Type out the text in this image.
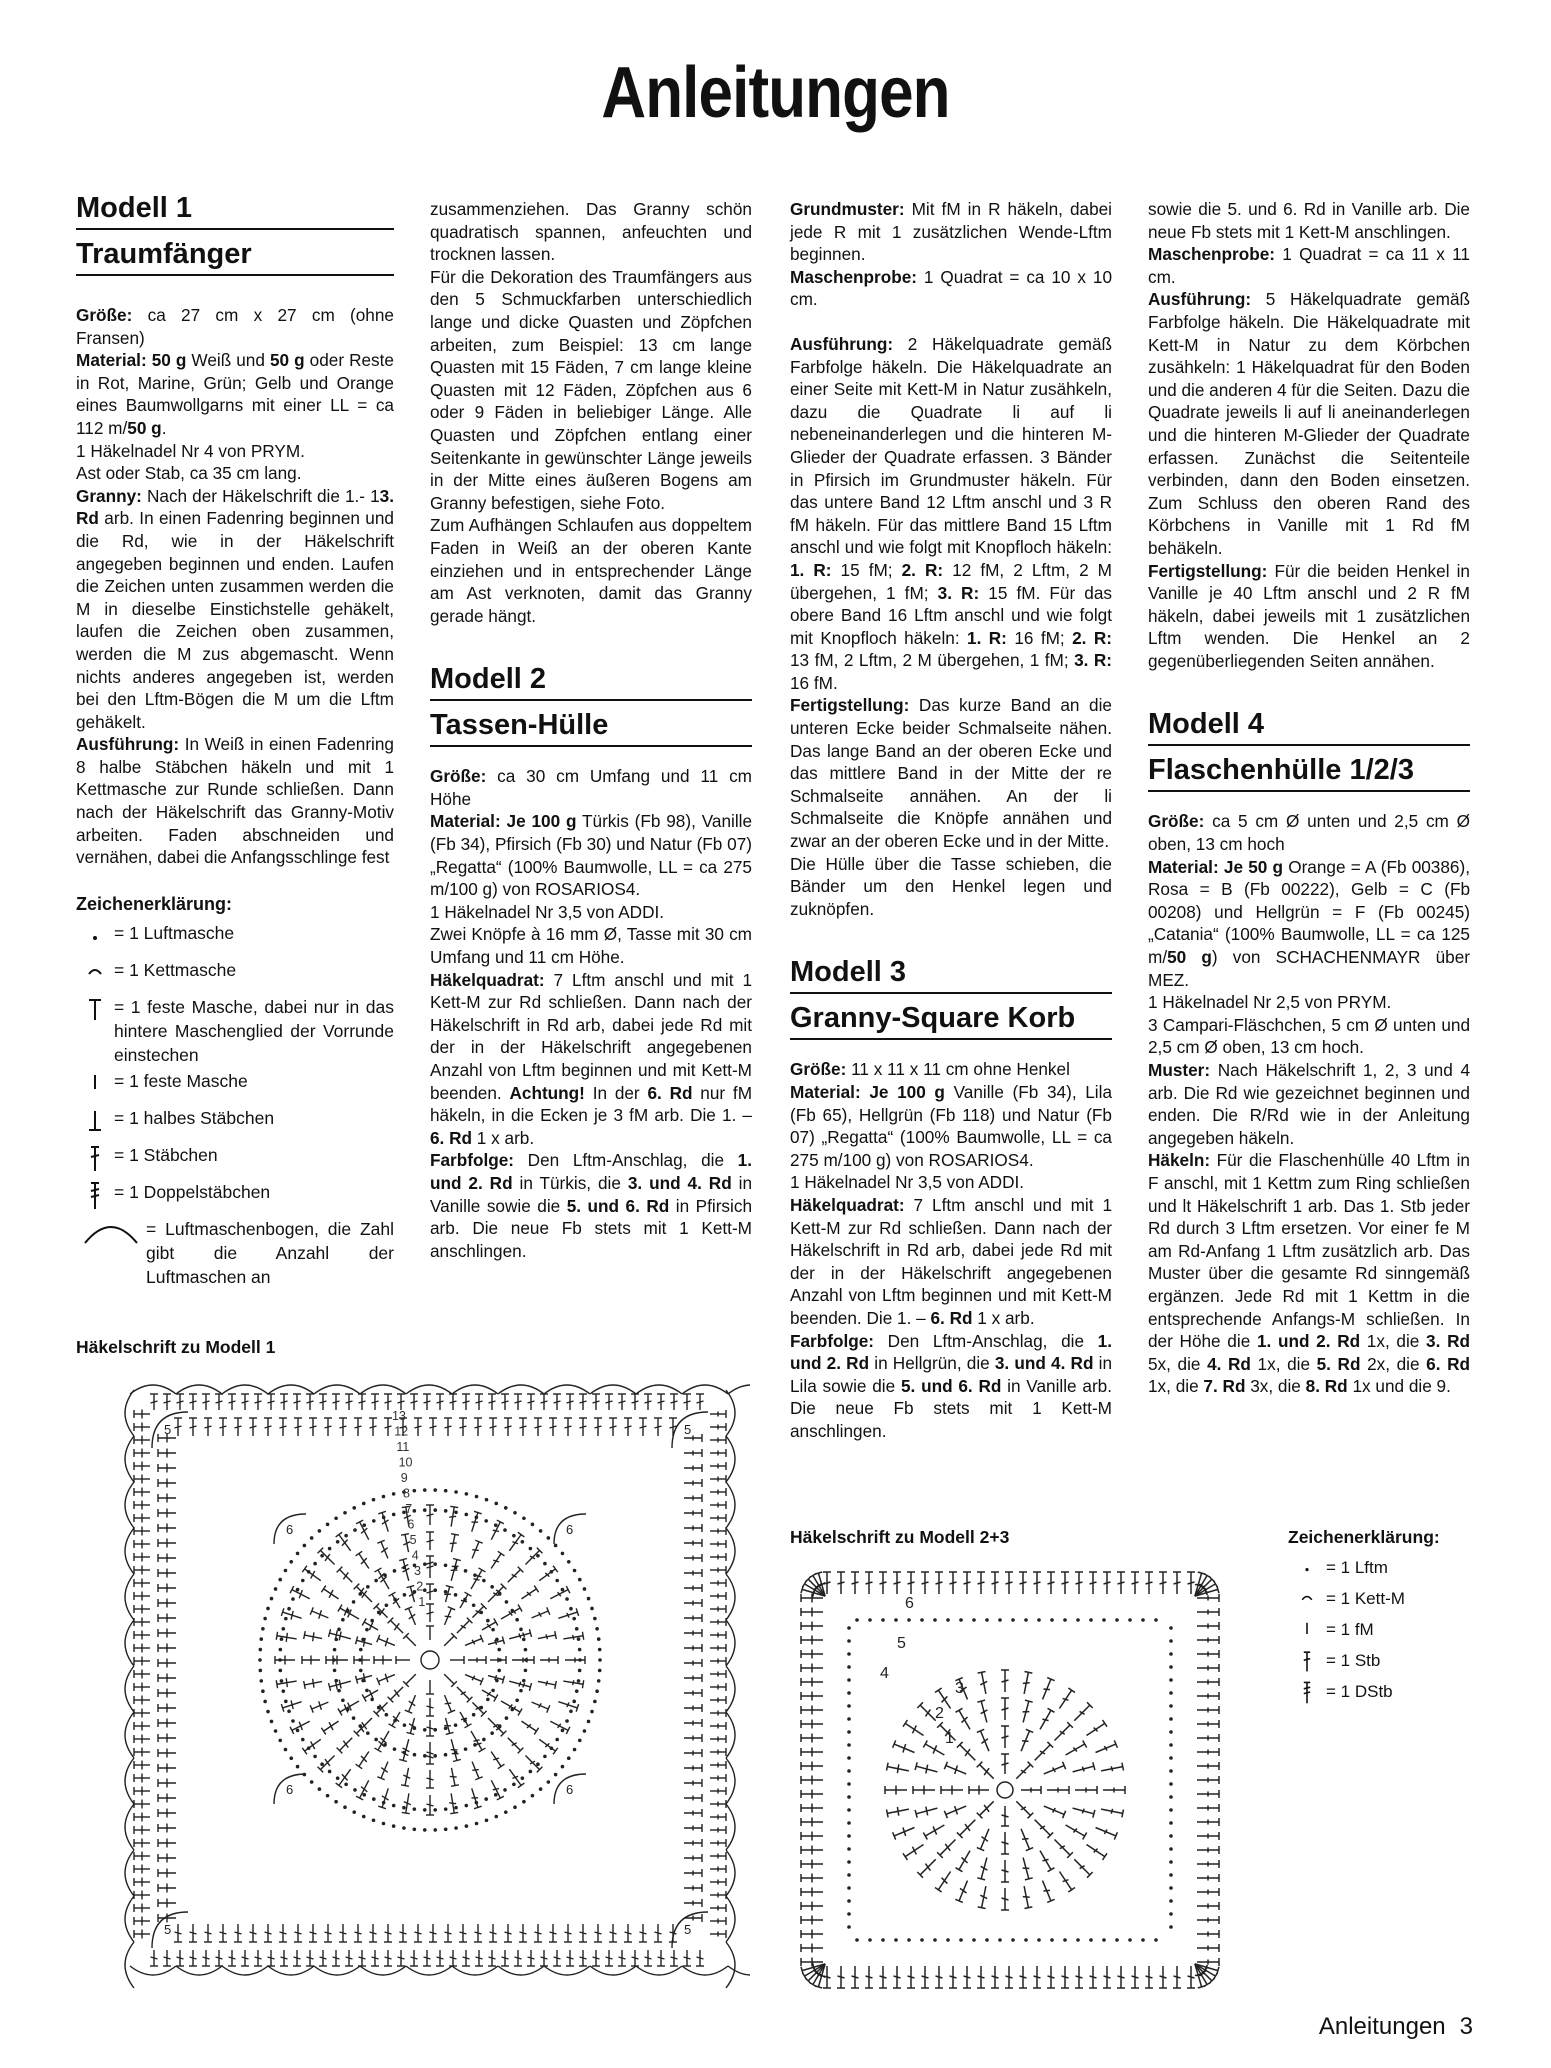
Anleitungen
Modell 1
Traumfänger

Größe: ca 27 cm x 27 cm (ohne Fransen)

Material: 50 g Weiß und 50 g oder Reste in Rot, Marine, Grün; Gelb und Orange eines Baumwollgarns mit einer LL = ca 112 m/50 g.

1 Häkelnadel Nr 4 von PRYM.

Ast oder Stab, ca 35 cm lang.

Granny: Nach der Häkelschrift die 1.- 13. Rd arb. In einen Fadenring beginnen und die Rd, wie in der Häkelschrift angegeben beginnen und enden. Laufen die Zeichen unten zusammen werden die M in dieselbe Einstichstelle gehäkelt, laufen die Zeichen oben zusammen, werden die M zus abgemascht. Wenn nichts anderes angegeben ist, werden bei den Lftm-Bögen die M um die Lftm gehäkelt.

Ausführung: In Weiß in einen Fadenring 8 halbe Stäbchen häkeln und mit 1 Kettmasche zur Runde schließen. Dann nach der Häkelschrift das Granny-Motiv arbeiten. Faden abschneiden und vernähen, dabei die Anfangsschlinge fest

Zeichenerklärung:
= 1 Luftmasche
= 1 Kettmasche
= 1 feste Masche, dabei nur in das hintere Maschenglied der Vorrunde einstechen
= 1 feste Masche
= 1 halbes Stäbchen
= 1 Stäbchen
= 1 Doppelstäbchen
= Luftmaschenbogen, die Zahl gibt die Anzahl der Luftmaschen an
Häkelschrift zu Modell 1

zusammenziehen. Das Granny schön quadratisch spannen, anfeuchten und trocknen lassen.

Für die Dekoration des Traumfängers aus den 5 Schmuckfarben unterschiedlich lange und dicke Quasten und Zöpfchen arbeiten, zum Beispiel: 13 cm lange Quasten mit 15 Fäden, 7 cm lange kleine Quasten mit 12 Fäden, Zöpfchen aus 6 oder 9 Fäden in beliebiger Länge. Alle Quasten und Zöpfchen entlang einer Seitenkante in gewünschter Länge jeweils in der Mitte eines äußeren Bogens am Granny befestigen, siehe Foto.

Zum Aufhängen Schlaufen aus doppeltem Faden in Weiß an der oberen Kante einziehen und in entsprechender Länge am Ast verknoten, damit das Granny gerade hängt.

Modell 2
Tassen-Hülle

Größe: ca 30 cm Umfang und 11 cm Höhe

Material: Je 100 g Türkis (Fb 98), Vanille (Fb 34), Pfirsich (Fb 30) und Natur (Fb 07) „Regatta“ (100% Baumwolle, LL = ca 275 m/100 g) von ROSARIOS4.

1 Häkelnadel Nr 3,5 von ADDI.

Zwei Knöpfe à 16 mm Ø, Tasse mit 30 cm Umfang und 11 cm Höhe.

Häkelquadrat: 7 Lftm anschl und mit 1 Kett-M zur Rd schließen. Dann nach der Häkelschrift in Rd arb, dabei jede Rd mit der in der Häkelschrift angegebenen Anzahl von Lftm beginnen und mit Kett-M beenden. Achtung! In der 6. Rd nur fM häkeln, in die Ecken je 3 fM arb. Die 1. – 6. Rd 1 x arb.

Farbfolge: Den Lftm-Anschlag, die 1. und 2. Rd in Türkis, die 3. und 4. Rd in Vanille sowie die 5. und 6. Rd in Pfirsich arb. Die neue Fb stets mit 1 Kett-M anschlingen.

Grundmuster: Mit fM in R häkeln, dabei jede R mit 1 zusätzlichen Wende-Lftm beginnen.

Maschenprobe: 1 Quadrat = ca 10 x 10 cm.

Ausführung: 2 Häkelquadrate gemäß Farbfolge häkeln. Die Häkelquadrate an einer Seite mit Kett-M in Natur zusähkeln, dazu die Quadrate li auf li nebeneinanderlegen und die hinteren M-Glieder der Quadrate erfassen. 3 Bänder in Pfirsich im Grundmuster häkeln. Für das untere Band 12 Lftm anschl und 3 R fM häkeln. Für das mittlere Band 15 Lftm anschl und wie folgt mit Knopfloch häkeln: 1. R: 15 fM; 2. R: 12 fM, 2 Lftm, 2 M übergehen, 1 fM; 3. R: 15 fM. Für das obere Band 16 Lftm anschl und wie folgt mit Knopfloch häkeln: 1. R: 16 fM; 2. R: 13 fM, 2 Lftm, 2 M übergehen, 1 fM; 3. R: 16 fM.

Fertigstellung: Das kurze Band an die unteren Ecke beider Schmalseite nähen. Das lange Band an der oberen Ecke und das mittlere Band in der Mitte der re Schmalseite annähen. An der li Schmalseite die Knöpfe annähen und zwar an der oberen Ecke und in der Mitte.

Die Hülle über die Tasse schieben, die Bänder um den Henkel legen und zuknöpfen.

Modell 3
Granny-Square Korb

Größe: 11 x 11 x 11 cm ohne Henkel

Material: Je 100 g Vanille (Fb 34), Lila (Fb 65), Hellgrün (Fb 118) und Natur (Fb 07) „Regatta“ (100% Baumwolle, LL = ca 275 m/100 g) von ROSARIOS4.

1 Häkelnadel Nr 3,5 von ADDI.

Häkelquadrat: 7 Lftm anschl und mit 1 Kett-M zur Rd schließen. Dann nach der Häkelschrift in Rd arb, dabei jede Rd mit der in der Häkelschrift angegebenen Anzahl von Lftm beginnen und mit Kett-M beenden. Die 1. – 6. Rd 1 x arb.

Farbfolge: Den Lftm-Anschlag, die 1. und 2. Rd in Hellgrün, die 3. und 4. Rd in Lila sowie die 5. und 6. Rd in Vanille arb. Die neue Fb stets mit 1 Kett-M anschlingen.

sowie die 5. und 6. Rd in Vanille arb. Die neue Fb stets mit 1 Kett-M anschlingen.

Maschenprobe: 1 Quadrat = ca 11 x 11 cm.

Ausführung: 5 Häkelquadrate gemäß Farbfolge häkeln. Die Häkelquadrate mit Kett-M in Natur zu dem Körbchen zusähkeln: 1 Häkelquadrat für den Boden und die anderen 4 für die Seiten. Dazu die Quadrate jeweils li auf li aneinanderlegen und die hinteren M-Glieder der Quadrate erfassen. Zunächst die Seitenteile verbinden, dann den Boden einsetzen. Zum Schluss den oberen Rand des Körbchens in Vanille mit 1 Rd fM behäkeln.

Fertigstellung: Für die beiden Henkel in Vanille je 40 Lftm anschl und 2 R fM häkeln, dabei jeweils mit 1 zusätzlichen Lftm wenden. Die Henkel an 2 gegenüberliegenden Seiten annähen.

Modell 4
Flaschenhülle 1/2/3

Größe: ca 5 cm Ø unten und 2,5 cm Ø oben, 13 cm hoch

Material: Je 50 g Orange = A (Fb 00386), Rosa = B (Fb 00222), Gelb = C (Fb 00208) und Hellgrün = F (Fb 00245) „Catania“ (100% Baumwolle, LL = ca 125 m/50 g) von SCHACHENMAYR über MEZ.

1 Häkelnadel Nr 2,5 von PRYM.

3 Campari-Fläschchen, 5 cm Ø unten und 2,5 cm Ø oben, 13 cm hoch.

Muster: Nach Häkelschrift 1, 2, 3 und 4 arb. Die Rd wie gezeichnet beginnen und enden. Die R/Rd wie in der Anleitung angegeben häkeln.

Häkeln: Für die Flaschenhülle 40 Lftm in F anschl, mit 1 Kettm zum Ring schließen und lt Häkelschrift 1 arb. Das 1. Stb jeder Rd durch 3 Lftm ersetzen. Vor einer fe M am Rd-Anfang 1 Lftm zusätzlich arb. Das Muster über die gesamte Rd sinngemäß ergänzen. Jede Rd mit 1 Kettm in die entsprechende Anfangs-M schließen. In der Höhe die 1. und 2. Rd 1x, die 3. Rd 5x, die 4. Rd 1x, die 5. Rd 2x, die 6. Rd 1x, die 7. Rd 3x, die 8. Rd 1x und die 9.

5	5
5	5
6	6
6	6
13
12
11
10
9
8
7
6
5
4
3
2
1
Häkelschrift zu Modell 2+3
6
5
4
3
2
1
Zeichenerklärung:
= 1 Lftm
= 1 Kett-M
= 1 fM
= 1 Stb
= 1 DStb
Anleitungen 3
